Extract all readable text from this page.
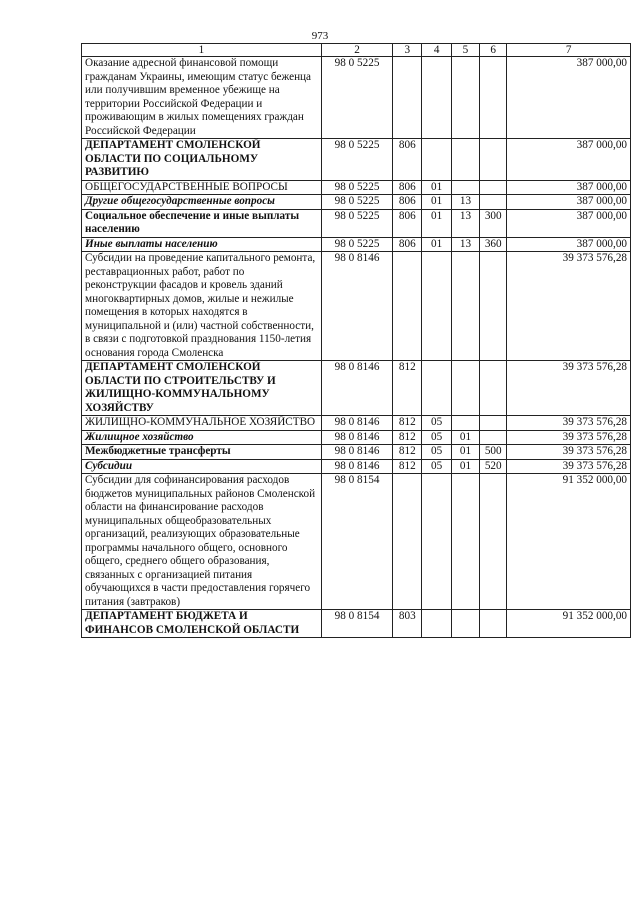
973
1	2	3	4	5	6	7
Оказание адресной финансовой помощи гражданам Украины, имеющим статус беженца или получившим временное убежище на территории Российской Федерации и проживающим в жилых помещениях граждан Российской Федерации	98 0 5225					387 000,00
ДЕПАРТАМЕНТ СМОЛЕНСКОЙ ОБЛАСТИ ПО СОЦИАЛЬНОМУ РАЗВИТИЮ	98 0 5225	806				387 000,00
ОБЩЕГОСУДАРСТВЕННЫЕ ВОПРОСЫ	98 0 5225	806	01			387 000,00
Другие общегосударственные вопросы	98 0 5225	806	01	13		387 000,00
Социальное обеспечение и иные выплаты населению	98 0 5225	806	01	13	300	387 000,00
Иные выплаты населению	98 0 5225	806	01	13	360	387 000,00
Субсидии на проведение капитального ремонта, реставрационных работ, работ по реконструкции фасадов и кровель зданий многоквартирных домов, жилые и нежилые помещения в которых находятся в муниципальной и (или) частной собственности, в связи с подготовкой празднования 1150-летия основания города Смоленска	98 0 8146					39 373 576,28
ДЕПАРТАМЕНТ СМОЛЕНСКОЙ ОБЛАСТИ ПО СТРОИТЕЛЬСТВУ И ЖИЛИЩНО-КОММУНАЛЬНОМУ ХОЗЯЙСТВУ	98 0 8146	812				39 373 576,28
ЖИЛИЩНО-КОММУНАЛЬНОЕ ХОЗЯЙСТВО	98 0 8146	812	05			39 373 576,28
Жилищное хозяйство	98 0 8146	812	05	01		39 373 576,28
Межбюджетные трансферты	98 0 8146	812	05	01	500	39 373 576,28
Субсидии	98 0 8146	812	05	01	520	39 373 576,28
Субсидии для софинансирования расходов бюджетов муниципальных районов Смоленской области на финансирование расходов муниципальных общеобразовательных организаций, реализующих образовательные программы начального общего, основного общего, среднего общего образования, связанных с организацией питания обучающихся в части предоставления горячего питания (завтраков)	98 0 8154					91 352 000,00
ДЕПАРТАМЕНТ БЮДЖЕТА И ФИНАНСОВ СМОЛЕНСКОЙ ОБЛАСТИ	98 0 8154	803				91 352 000,00
